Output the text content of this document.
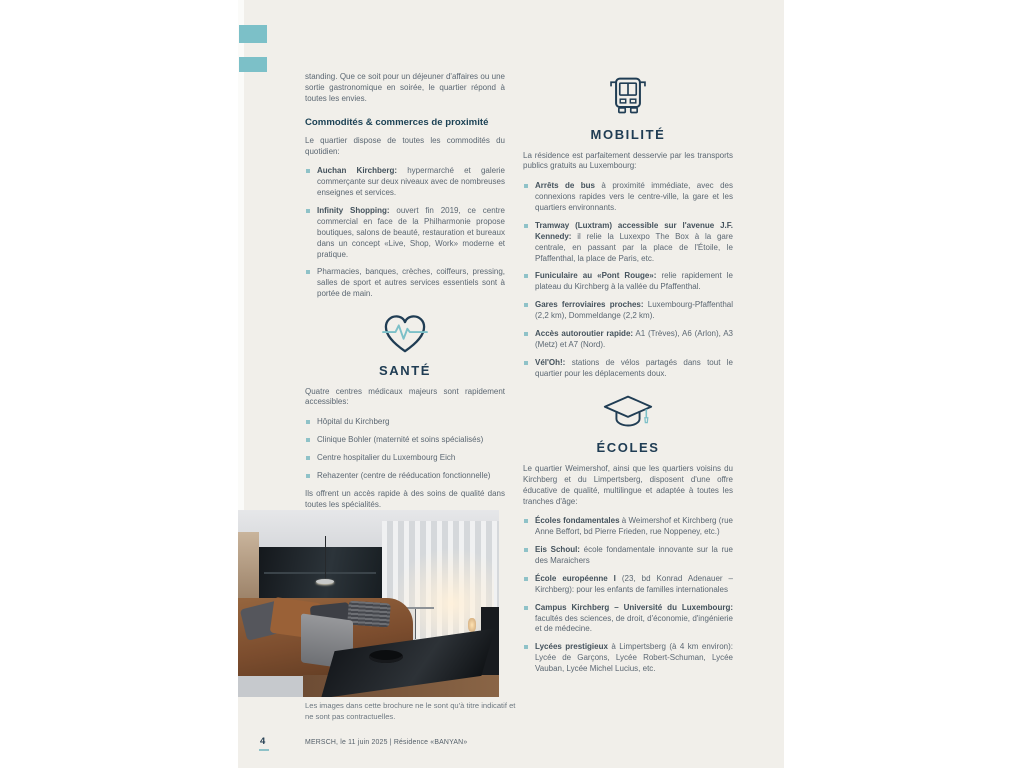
standing. Que ce soit pour un déjeuner d'affaires ou une sortie gastronomique en soirée, le quartier répond à toutes les envies.

Commodités & commerces de proximité

Le quartier dispose de toutes les commodités du quotidien:

Auchan Kirchberg: hypermarché et galerie commerçante sur deux niveaux avec de nombreuses enseignes et services.
Infinity Shopping: ouvert fin 2019, ce centre commercial en face de la Philharmonie propose boutiques, salons de beauté, restauration et bureaux dans un concept «Live, Shop, Work» moderne et pratique.
Pharmacies, banques, crèches, coiffeurs, pressing, salles de sport et autres services essentiels sont à portée de main.
SANTÉ

Quatre centres médicaux majeurs sont rapidement accessibles:

Hôpital du Kirchberg
Clinique Bohler (maternité et soins spécialisés)
Centre hospitalier du Luxembourg Eich
Rehazenter (centre de rééducation fonctionnelle)

Ils offrent un accès rapide à des soins de qualité dans toutes les spécialités.

MOBILITÉ

La résidence est parfaitement desservie par les transports publics gratuits au Luxembourg:

Arrêts de bus à proximité immédiate, avec des connexions rapides vers le centre-ville, la gare et les quartiers environnants.
Tramway (Luxtram) accessible sur l'avenue J.F. Kennedy: il relie la Luxexpo The Box à la gare centrale, en passant par la place de l'Étoile, le Pfaffenthal, la place de Paris, etc.
Funiculaire au «Pont Rouge»: relie rapidement le plateau du Kirchberg à la vallée du Pfaffenthal.
Gares ferroviaires proches: Luxembourg-Pfaffenthal (2,2 km), Dommeldange (2,2 km).
Accès autoroutier rapide: A1 (Trèves), A6 (Arlon), A3 (Metz) et A7 (Nord).
Vél'Oh!: stations de vélos partagés dans tout le quartier pour les déplacements doux.
ÉCOLES

Le quartier Weimershof, ainsi que les quartiers voisins du Kirchberg et du Limpertsberg, disposent d'une offre éducative de qualité, multilingue et adaptée à toutes les tranches d'âge:

Écoles fondamentales à Weimershof et Kirchberg (rue Anne Beffort, bd Pierre Frieden, rue Noppeney, etc.)
Eis Schoul: école fondamentale innovante sur la rue des Maraichers
École européenne I (23, bd Konrad Adenauer – Kirchberg): pour les enfants de familles internationales
Campus Kirchberg – Université du Luxembourg: facultés des sciences, de droit, d'économie, d'ingénierie et de médecine.
Lycées prestigieux à Limpertsberg (à 4 km environ): Lycée de Garçons, Lycée Robert-Schuman, Lycée Vauban, Lycée Michel Lucius, etc.
Les images dans cette brochure ne le sont qu'à titre indicatif et ne sont pas contractuelles.
4	MERSCH, le 11 juin 2025 | Résidence «BANYAN»
